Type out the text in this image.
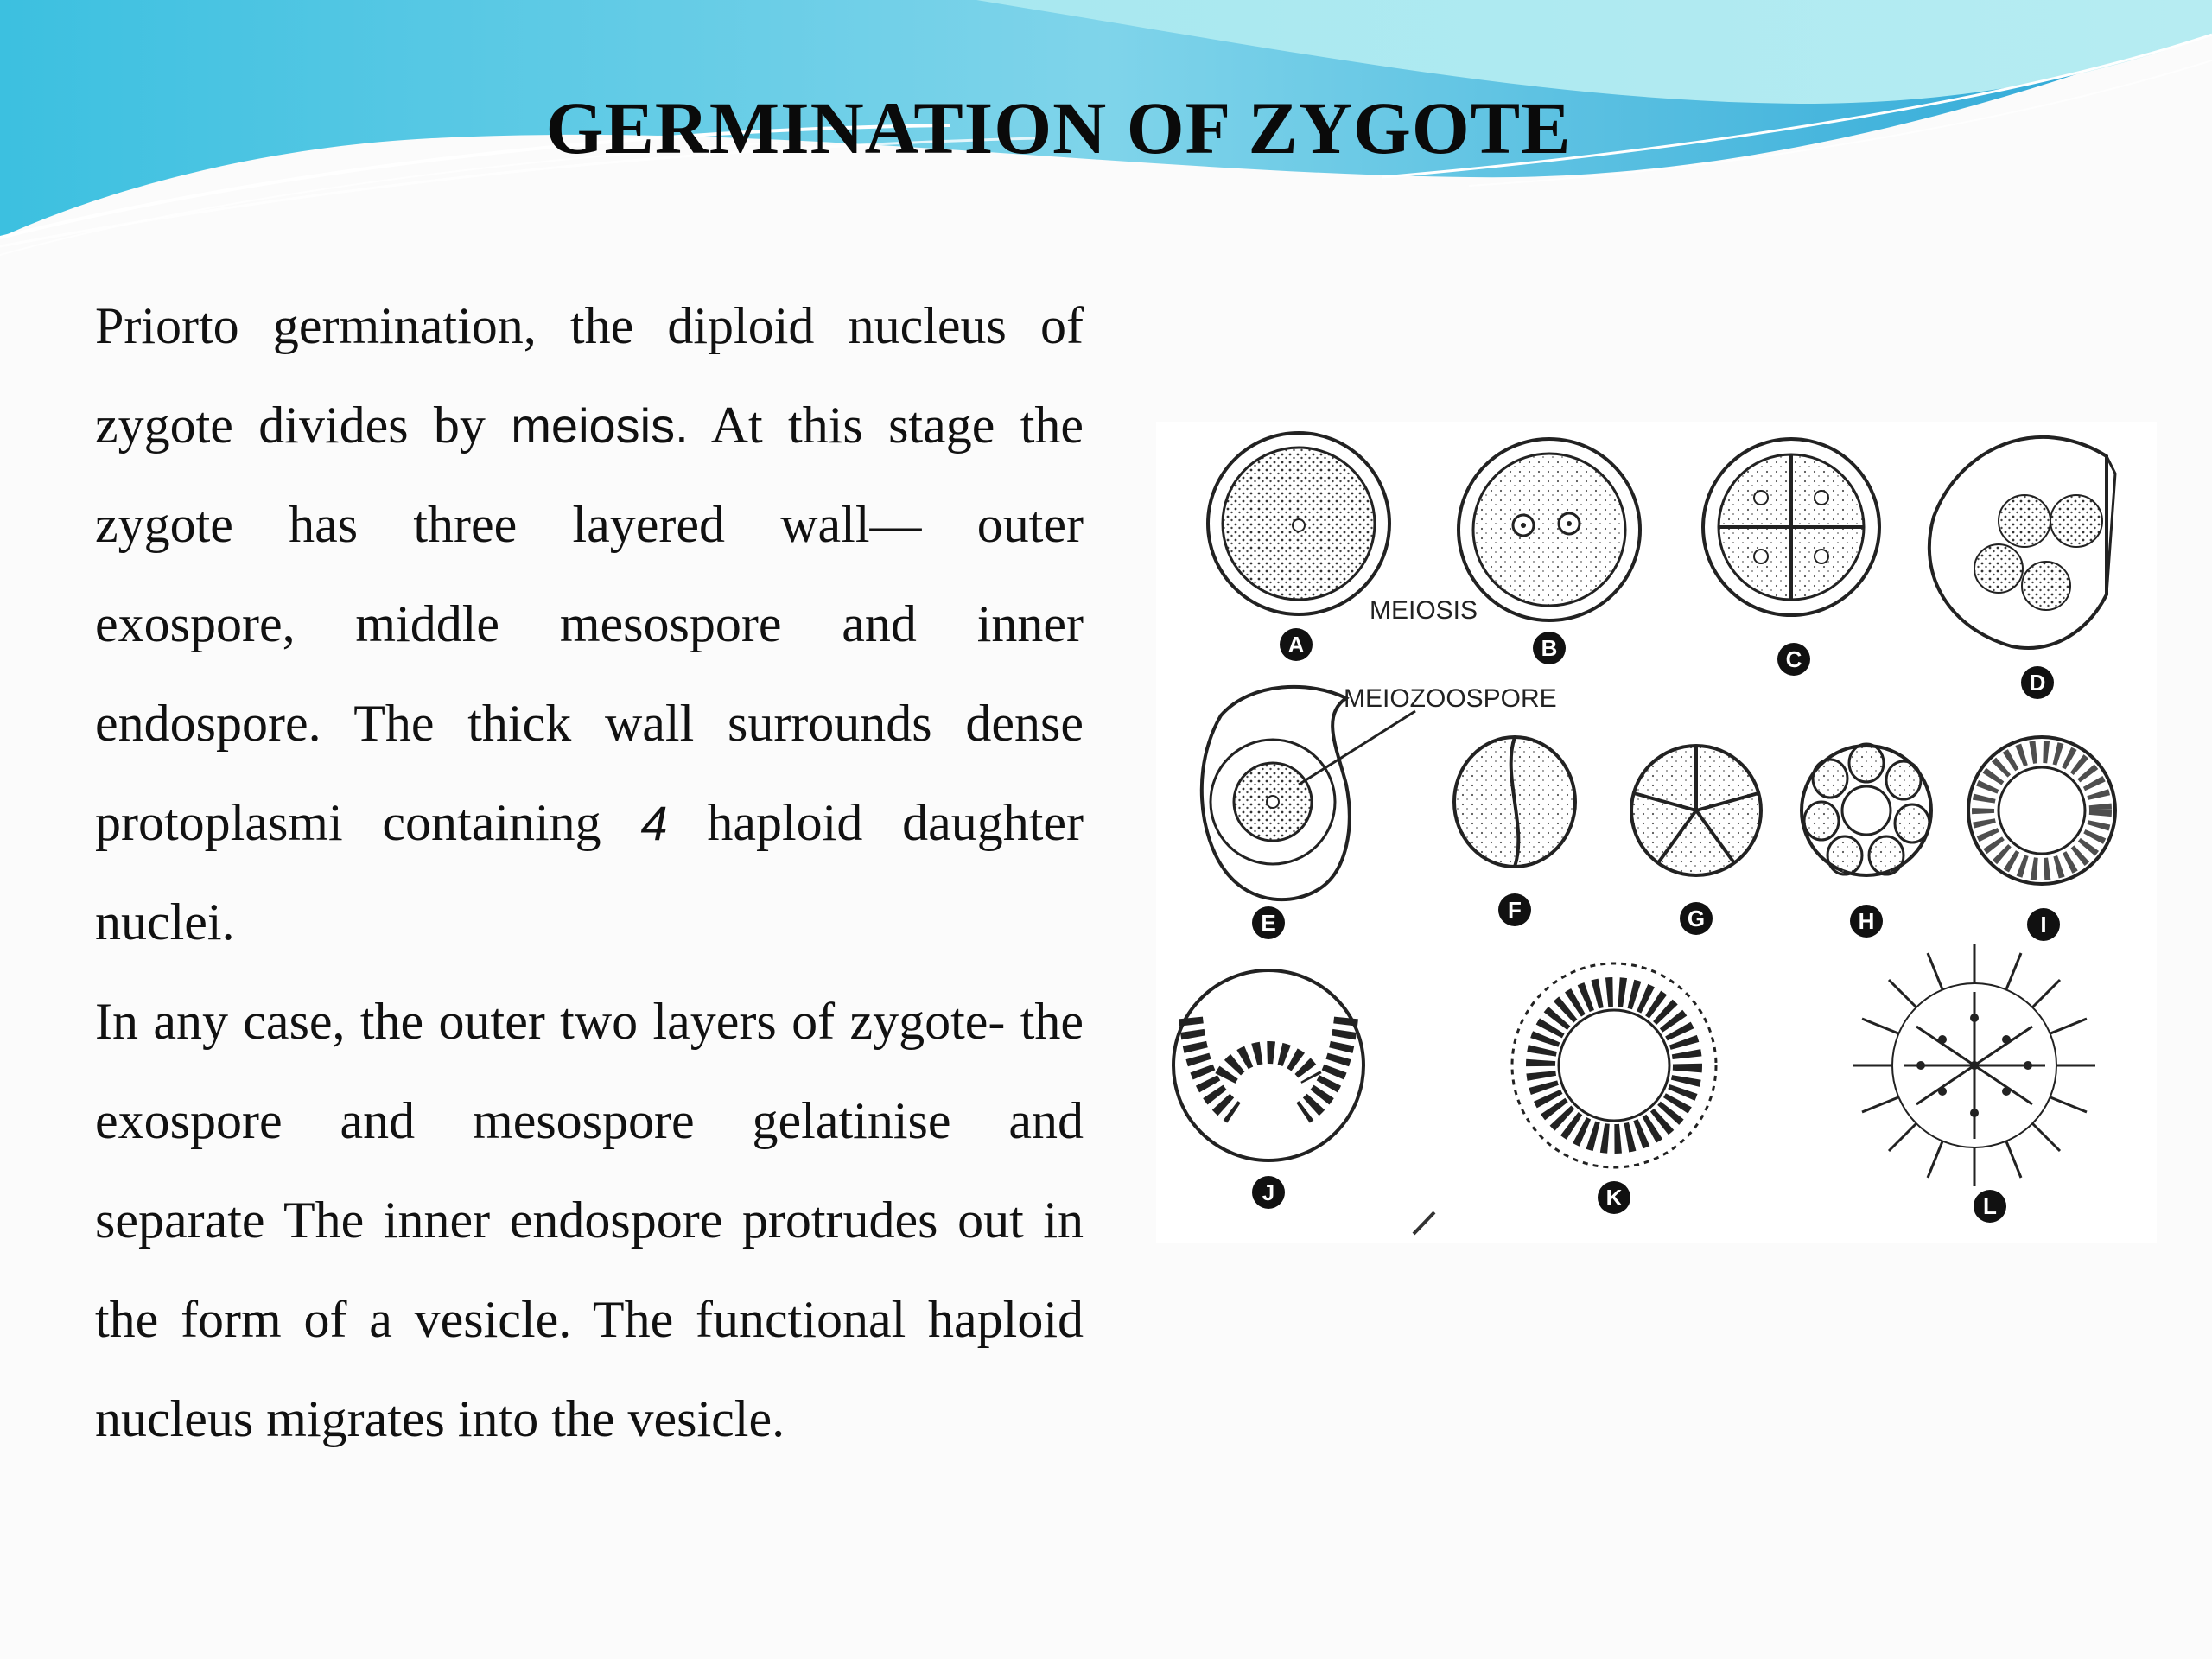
GERMINATION OF ZYGOTE

Priorto germination, the diploid nucleus of zygote divides by meiosis. At this stage the zygote has three layered wall— outer exospore, middle mesospore and inner endospore. The thick wall surrounds dense protoplasmi containing 4 haploid daughter nuclei.

In any case, the outer two layers of zygote- the exospore and mesospore gelatinise and separate The inner endospore protrudes out in the form of a vesicle. The functional haploid nucleus migrates into the vesicle.

MEIOSIS
MEIOZOOSPORE
A	B	C
D
E	F	G	H	I
J	K	L
